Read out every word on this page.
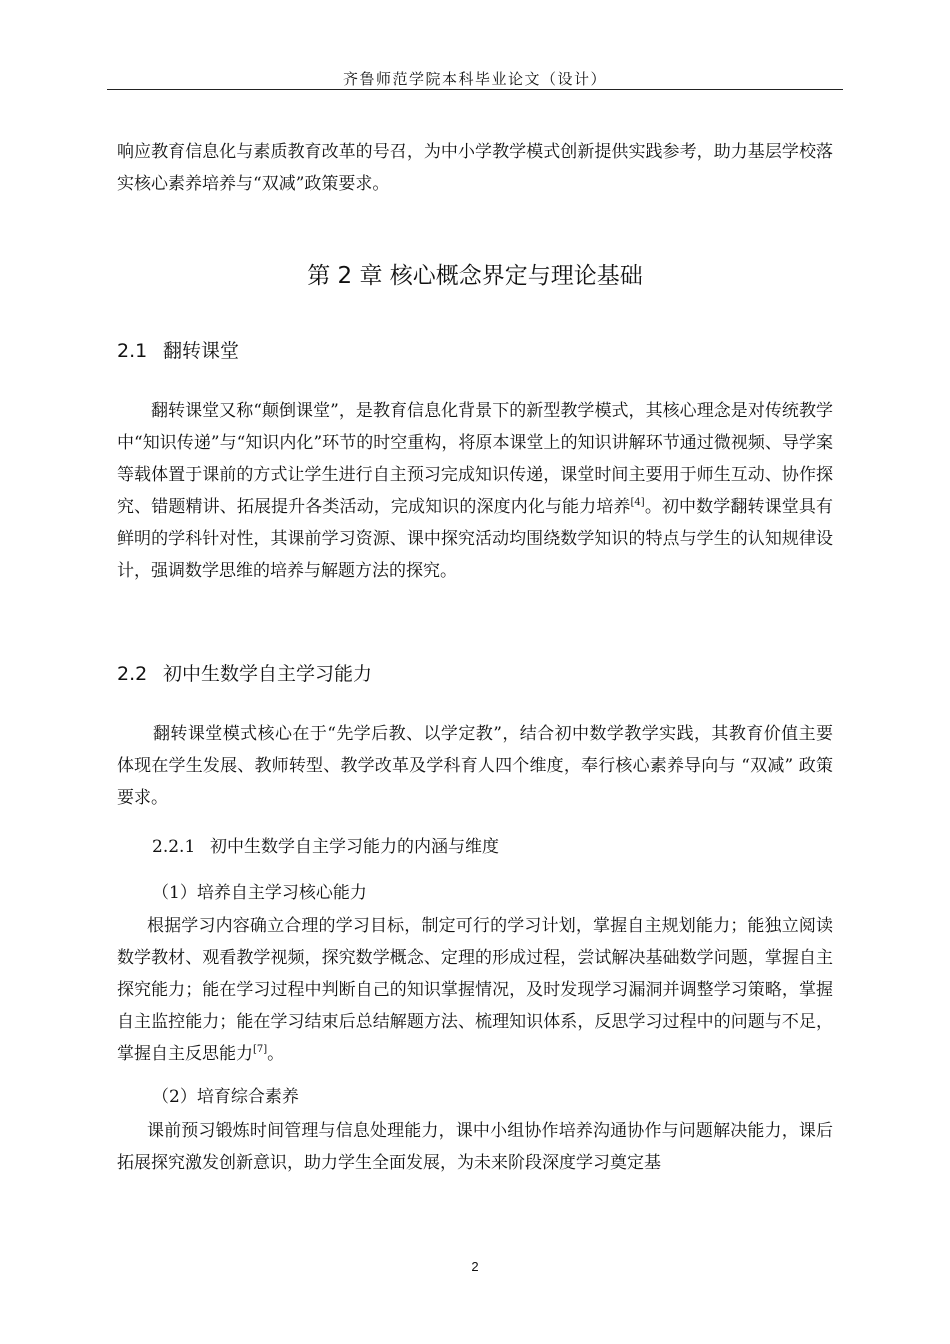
齐鲁师范学院本科毕业论文（设计）

响应教育信息化与素质教育改革的号召，为中小学教学模式创新提供实践参考，助力基层学校落实核心素养培养与“双减”政策要求。

第 2 章 核心概念界定与理论基础
2.1 翻转课堂

翻转课堂又称“颠倒课堂”，是教育信息化背景下的新型教学模式，其核心理念是对传统教学中“知识传递”与“知识内化”环节的时空重构，将原本课堂上的知识讲解环节通过微视频、导学案等载体置于课前的方式让学生进行自主预习完成知识传递，课堂时间主要用于师生互动、协作探究、错题精讲、拓展提升各类活动，完成知识的深度内化与能力培养[4]。初中数学翻转课堂具有鲜明的学科针对性，其课前学习资源、课中探究活动均围绕数学知识的特点与学生的认知规律设计，强调数学思维的培养与解题方法的探究。

2.2 初中生数学自主学习能力

翻转课堂模式核心在于“先学后教、以学定教”，结合初中数学教学实践，其教育价值主要体现在学生发展、教师转型、教学改革及学科育人四个维度，奉行核心素养导向与 “双减” 政策要求。

2.2.1 初中生数学自主学习能力的内涵与维度
（1）培养自主学习核心能力

根据学习内容确立合理的学习目标，制定可行的学习计划，掌握自主规划能力；能独立阅读数学教材、观看教学视频，探究数学概念、定理的形成过程，尝试解决基础数学问题，掌握自主探究能力；能在学习过程中判断自己的知识掌握情况，及时发现学习漏洞并调整学习策略，掌握自主监控能力；能在学习结束后总结解题方法、梳理知识体系，反思学习过程中的问题与不足，掌握自主反思能力[7]。

（2）培育综合素养

课前预习锻炼时间管理与信息处理能力，课中小组协作培养沟通协作与问题解决能力，课后拓展探究激发创新意识，助力学生全面发展，为未来阶段深度学习奠定基

2
